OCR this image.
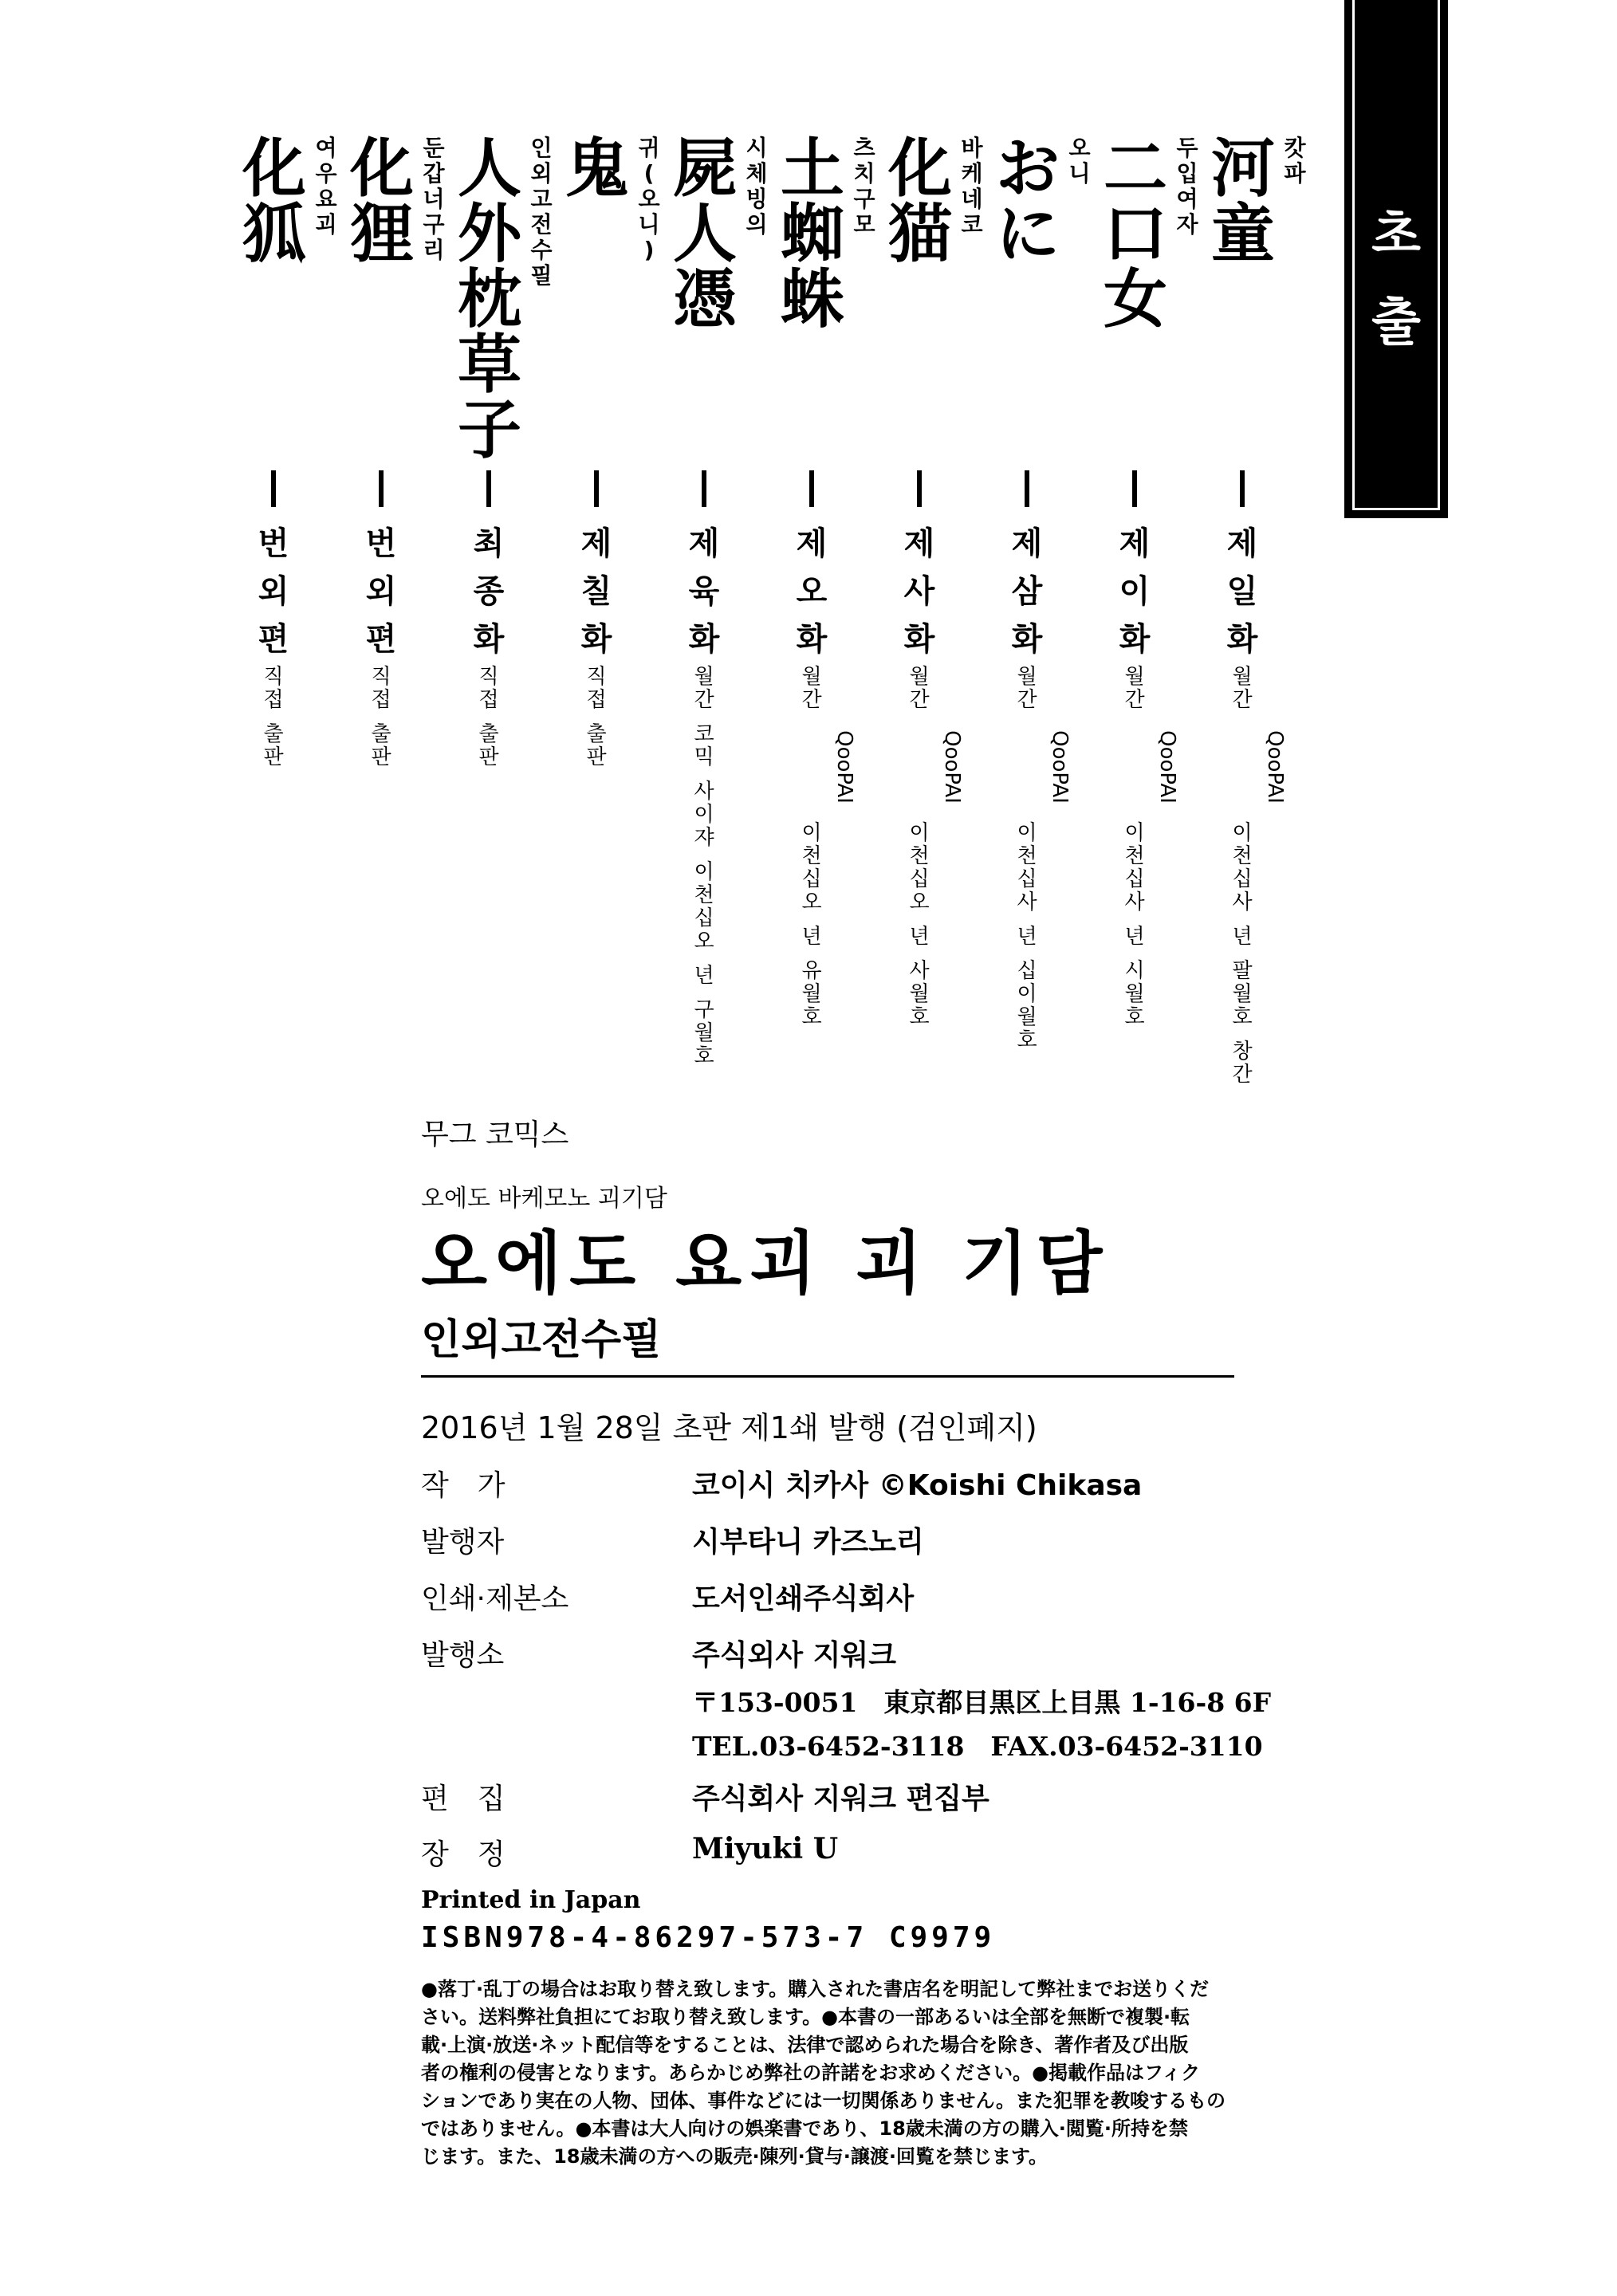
초
출
河
童
캇
파
제
일
화
월
간
QooPAI
이
천
십
사
년
팔
월
호
창
간
二
口
女
두
입
여
자
제
이
화
월
간
QooPAI
이
천
십
사
년
시
월
호
お
に
오
니
제
삼
화
월
간
QooPAI
이
천
십
사
년
십
이
월
호
化
猫
바
케
네
코
제
사
화
월
간
QooPAI
이
천
십
오
년
사
월
호
土
蜘
蛛
츠
치
구
모
제
오
화
월
간
QooPAI
이
천
십
오
년
유
월
호
屍
人
憑
시
체
빙
의
제
육
화
월
간
코
믹
사
이
쟈
이
천
십
오
년
구
월
호
鬼 귀
(
오
니
)
제
칠
화
직
접
출
판
人
外
枕
草
子
인
외
고
전
수
필
최
종
화
직
접
출
판
化
狸
둔
갑
너
구
리
번
외
편
직
접
출
판
化
狐
여
우
요
괴
번
외
편
직
접
출
판
무그 코믹스
오에도 바케모노 괴기담
오에도 요괴 괴 기담
인외고전수필
2016년 1월 28일 초판 제1쇄 발행 (검인폐지)
작　가	코이시 치카사 ©Koishi Chikasa
발행자	시부타니 카즈노리
인쇄·제본소	도서인쇄주식회사
발행소	주식외사 지워크
〒153-0051　東京都目黒区上目黒 1-16-8 6F
TEL.03-6452-3118　FAX.03-6452-3110
편　집	주식회사 지워크 편집부
장　정	Miyuki U
Printed in Japan
ISBN978-4-86297-573-7 C9979
●落丁·乱丁の場合はお取り替え致します。購入された書店名を明記して弊社までお送りくだ
さい。送料弊社負担にてお取り替え致します。●本書の一部あるいは全部を無断で複製·転
載·上演·放送·ネット配信等をすることは、法律で認められた場合を除き、著作者及び出版
者の権利の侵害となります。あらかじめ弊社の許諾をお求めください。●掲載作品はフィク
ションであり実在の人物、団体、事件などには一切関係ありません。また犯罪を教唆するもの
ではありません。●本書は大人向けの娯楽書であり、18歳未満の方の購入·閲覧·所持を禁
じます。また、18歳未満の方への販売·陳列·貸与·譲渡·回覧を禁じます。
